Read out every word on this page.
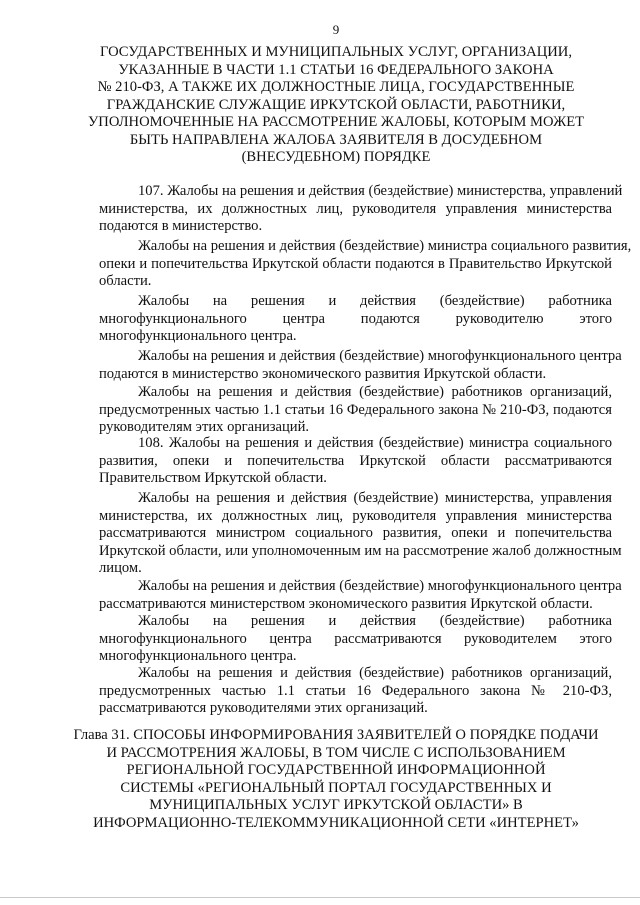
9
ГОСУДАРСТВЕННЫХ И МУНИЦИПАЛЬНЫХ УСЛУГ, ОРГАНИЗАЦИИ,
УКАЗАННЫЕ В ЧАСТИ 1.1 СТАТЬИ 16 ФЕДЕРАЛЬНОГО ЗАКОНА
№ 210-ФЗ, А ТАКЖЕ ИХ ДОЛЖНОСТНЫЕ ЛИЦА, ГОСУДАРСТВЕННЫЕ
ГРАЖДАНСКИЕ СЛУЖАЩИЕ ИРКУТСКОЙ ОБЛАСТИ, РАБОТНИКИ,
УПОЛНОМОЧЕННЫЕ НА РАССМОТРЕНИЕ ЖАЛОБЫ, КОТОРЫМ МОЖЕТ
БЫТЬ НАПРАВЛЕНА ЖАЛОБА ЗАЯВИТЕЛЯ В ДОСУДЕБНОМ
(ВНЕСУДЕБНОМ) ПОРЯДКЕ
107. Жалобы на решения и действия (бездействие) министерства, управлений
министерства, их должностных лиц, руководителя управления министерства
подаются в министерство.
Жалобы на решения и действия (бездействие) министра социального развития,
опеки и попечительства Иркутской области подаются в Правительство Иркутской
области.
Жалобы на решения и действия (бездействие) работника
многофункционального центра подаются руководителю этого
многофункционального центра.
Жалобы на решения и действия (бездействие) многофункционального центра
подаются в министерство экономического развития Иркутской области.
Жалобы на решения и действия (бездействие) работников организаций,
предусмотренных частью 1.1 статьи 16 Федерального закона № 210-ФЗ, подаются
руководителям этих организаций.
108. Жалобы на решения и действия (бездействие) министра социального
развития, опеки и попечительства Иркутской области рассматриваются
Правительством Иркутской области.
Жалобы на решения и действия (бездействие) министерства, управления
министерства, их должностных лиц, руководителя управления министерства
рассматриваются министром социального развития, опеки и попечительства
Иркутской области, или уполномоченным им на рассмотрение жалоб должностным
лицом.
Жалобы на решения и действия (бездействие) многофункционального центра
рассматриваются министерством экономического развития Иркутской области.
Жалобы на решения и действия (бездействие) работника
многофункционального центра рассматриваются руководителем этого
многофункционального центра.
Жалобы на решения и действия (бездействие) работников организаций,
предусмотренных частью 1.1 статьи 16 Федерального закона № 210-ФЗ,
рассматриваются руководителями этих организаций.
Глава 31. СПОСОБЫ ИНФОРМИРОВАНИЯ ЗАЯВИТЕЛЕЙ О ПОРЯДКЕ ПОДАЧИ
И РАССМОТРЕНИЯ ЖАЛОБЫ, В ТОМ ЧИСЛЕ С ИСПОЛЬЗОВАНИЕМ
РЕГИОНАЛЬНОЙ ГОСУДАРСТВЕННОЙ ИНФОРМАЦИОННОЙ
СИСТЕМЫ «РЕГИОНАЛЬНЫЙ ПОРТАЛ ГОСУДАРСТВЕННЫХ И
МУНИЦИПАЛЬНЫХ УСЛУГ ИРКУТСКОЙ ОБЛАСТИ» В
ИНФОРМАЦИОННО-ТЕЛЕКОММУНИКАЦИОННОЙ СЕТИ «ИНТЕРНЕТ»
